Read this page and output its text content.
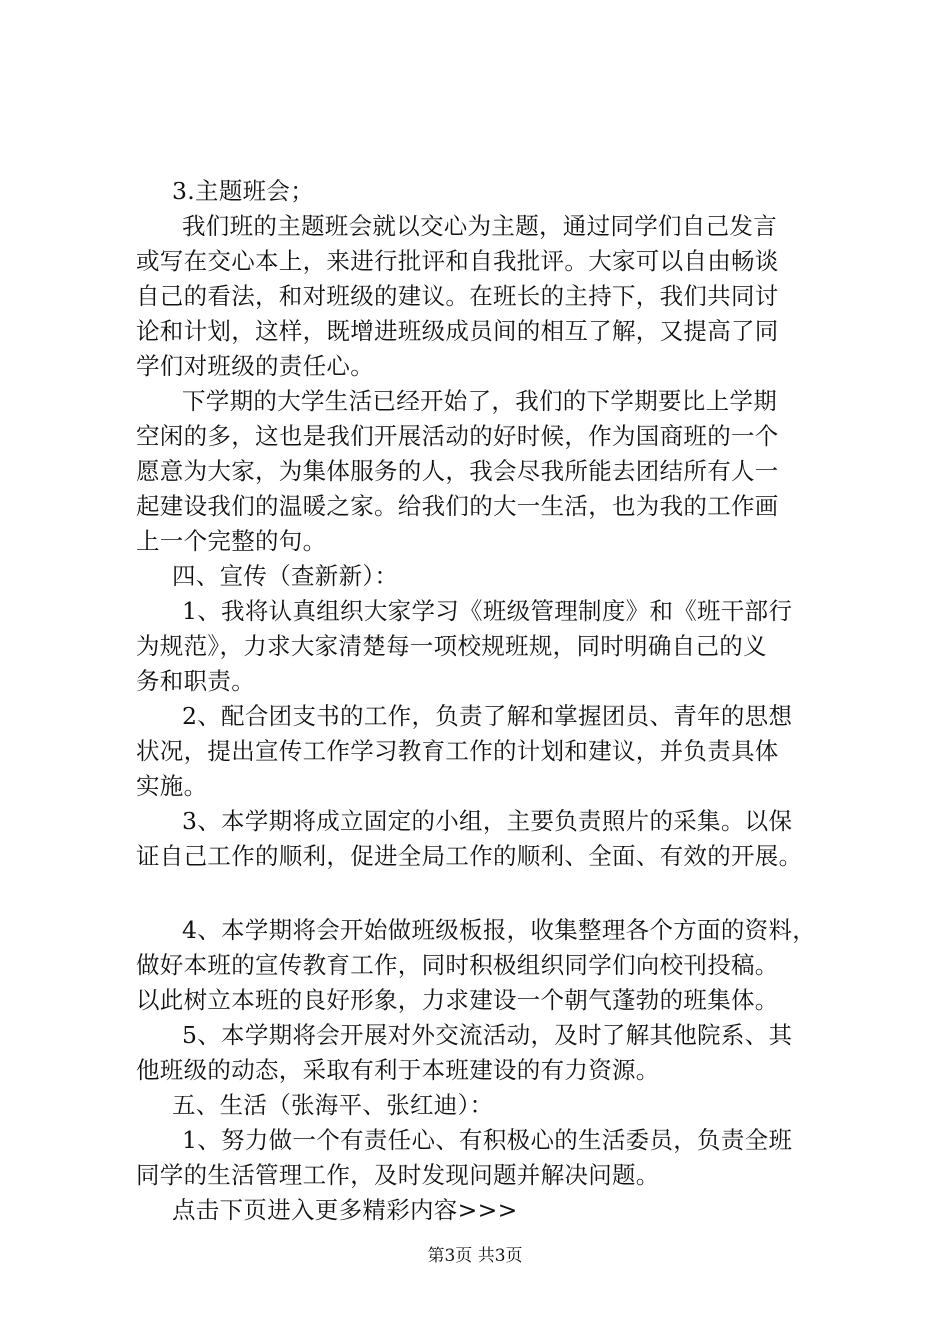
3.主题班会；
我们班的主题班会就以交心为主题，通过同学们自己发言
或写在交心本上，来进行批评和自我批评。大家可以自由畅谈
自己的看法，和对班级的建议。在班长的主持下，我们共同讨
论和计划，这样，既增进班级成员间的相互了解，又提高了同
学们对班级的责任心。
下学期的大学生活已经开始了，我们的下学期要比上学期
空闲的多，这也是我们开展活动的好时候，作为国商班的一个
愿意为大家，为集体服务的人，我会尽我所能去团结所有人一
起建设我们的温暖之家。给我们的大一生活，也为我的工作画
上一个完整的句。
四、宣传（查新新）：
1、我将认真组织大家学习《班级管理制度》和《班干部行
为规范》，力求大家清楚每一项校规班规，同时明确自己的义
务和职责。
2、配合团支书的工作，负责了解和掌握团员、青年的思想
状况，提出宣传工作学习教育工作的计划和建议，并负责具体
实施。
3、本学期将成立固定的小组，主要负责照片的采集。以保
证自己工作的顺利，促进全局工作的顺利、全面、有效的开展。
4、本学期将会开始做班级板报，收集整理各个方面的资料，
做好本班的宣传教育工作，同时积极组织同学们向校刊投稿。
以此树立本班的良好形象，力求建设一个朝气蓬勃的班集体。
5、本学期将会开展对外交流活动，及时了解其他院系、其
他班级的动态，采取有利于本班建设的有力资源。
五、生活（张海平、张红迪）：
1、努力做一个有责任心、有积极心的生活委员，负责全班
同学的生活管理工作，及时发现问题并解决问题。
点击下页进入更多精彩内容>>>
第3页 共3页
